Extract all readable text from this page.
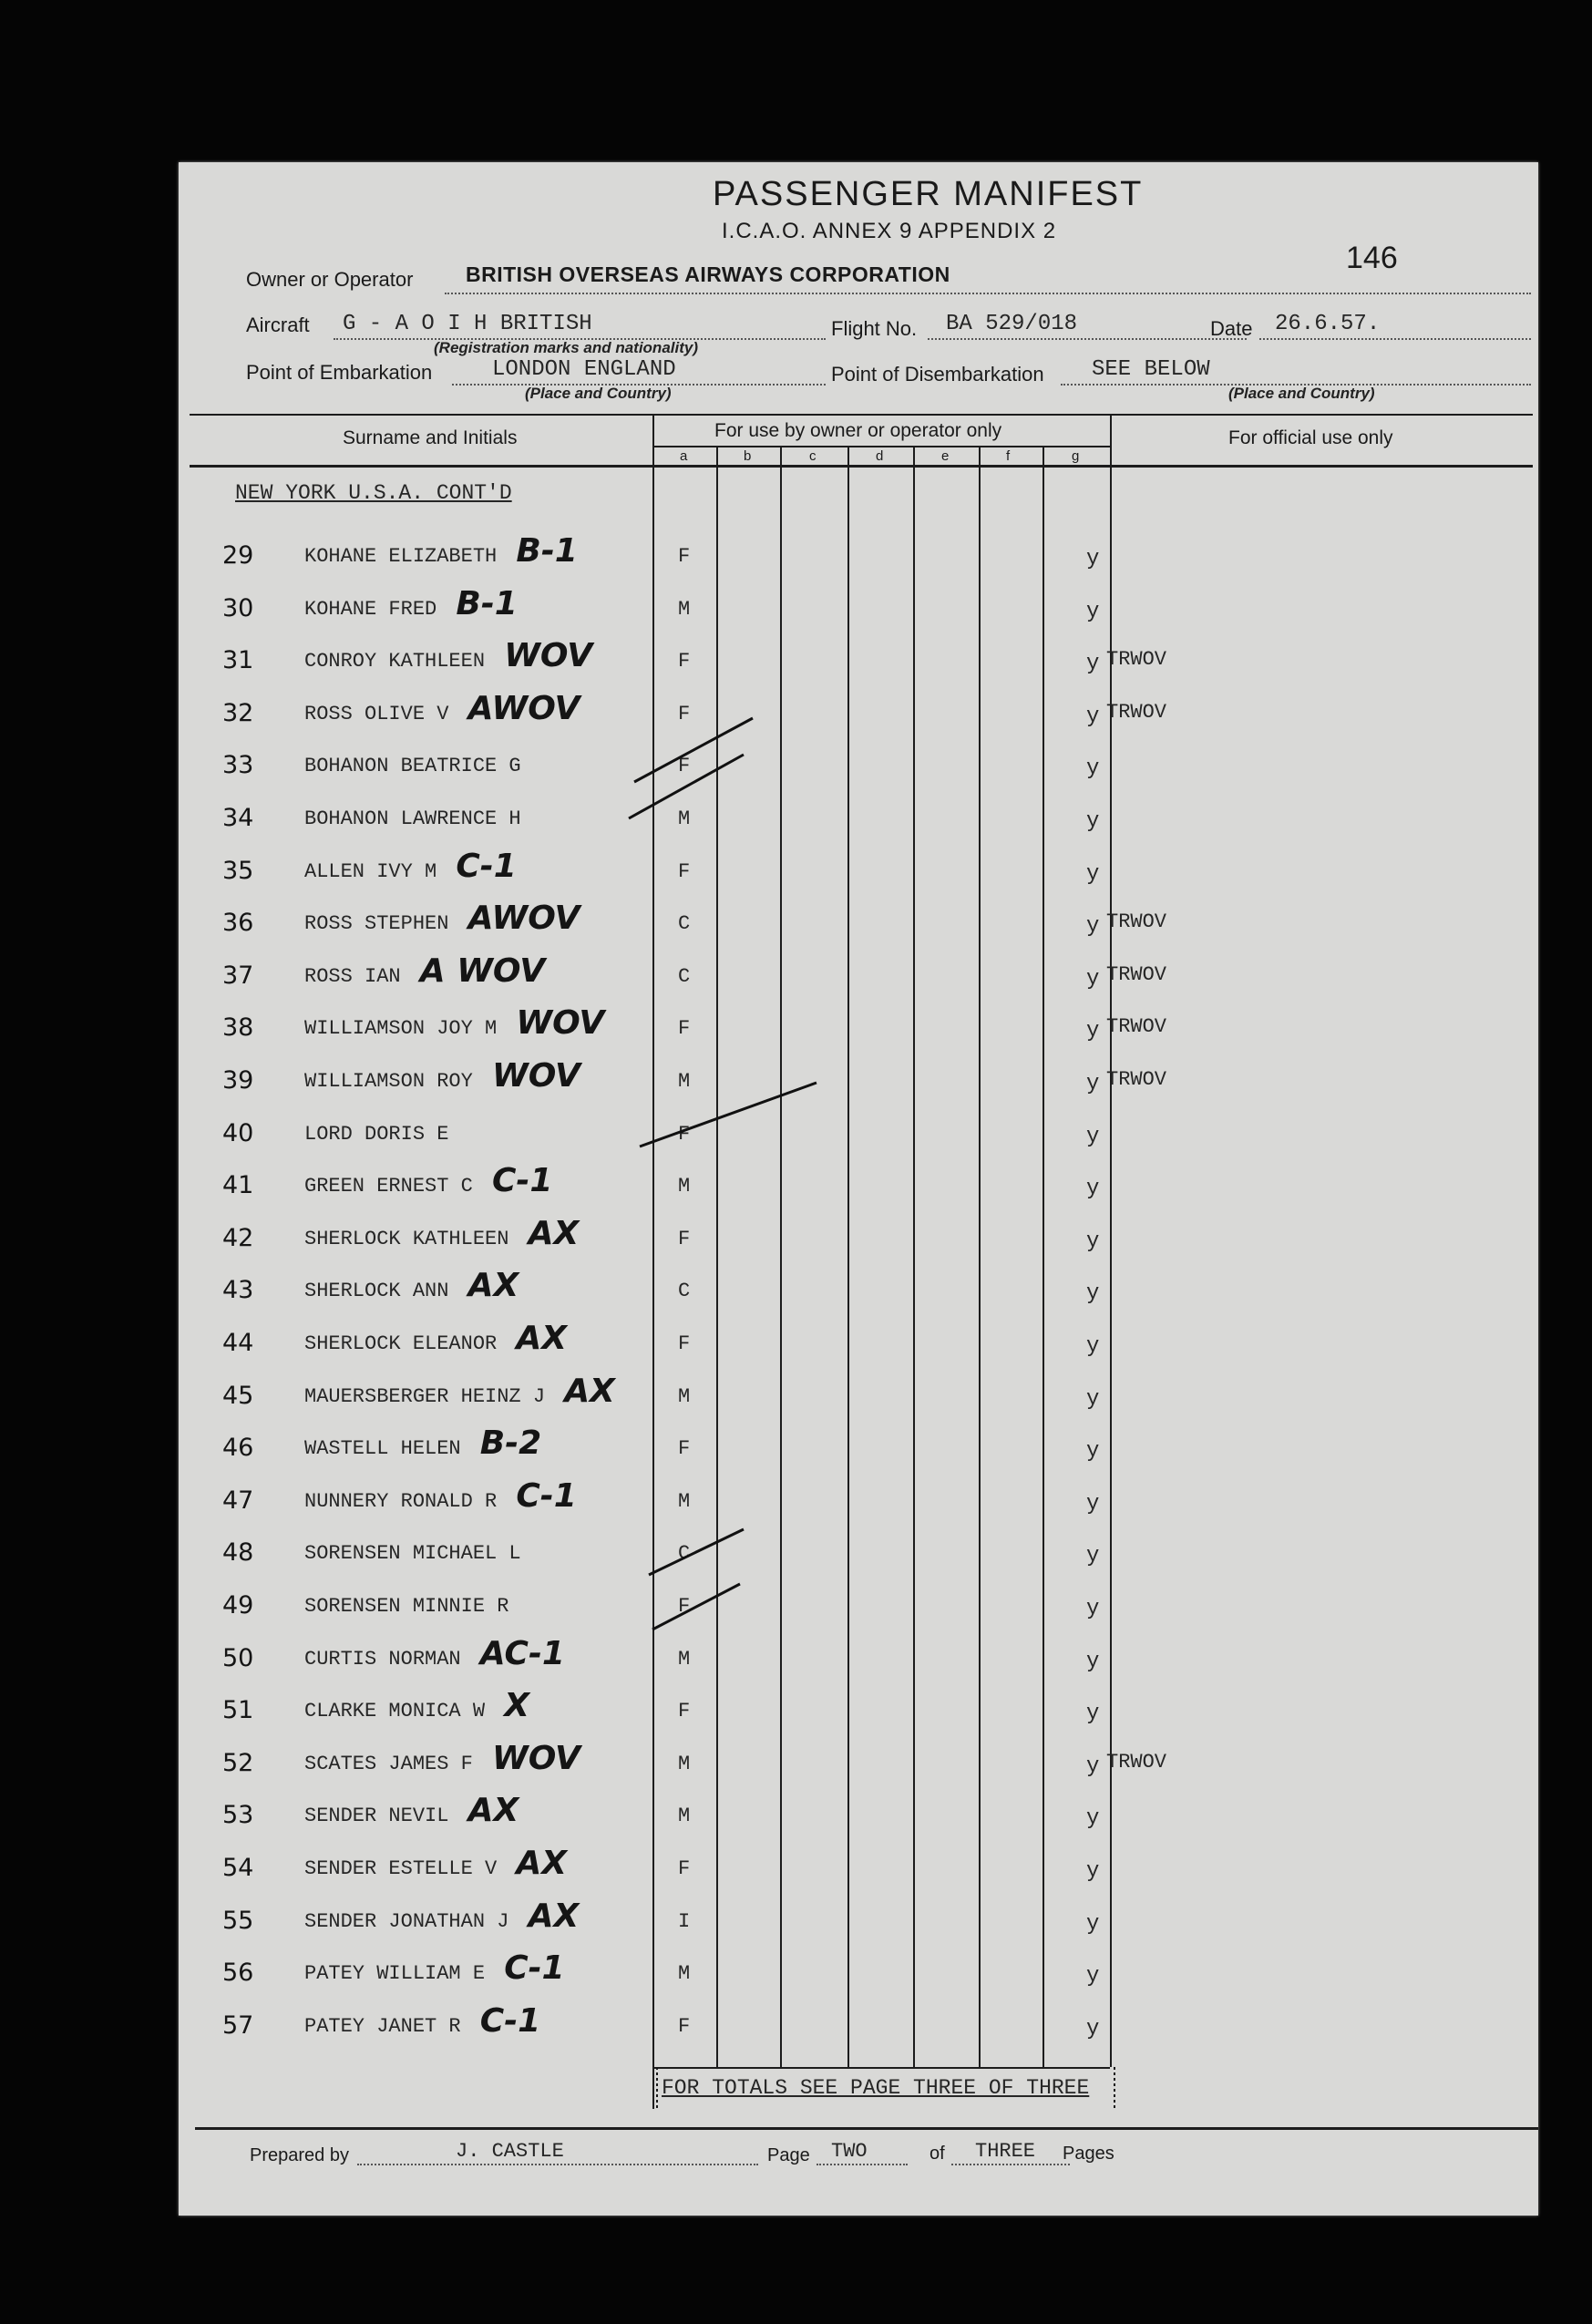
PASSENGER MANIFEST
I.C.A.O. ANNEX 9 APPENDIX 2
146
Owner or Operator	BRITISH OVERSEAS AIRWAYS CORPORATION
Aircraft G - A O I H BRITISH
(Registration marks and nationality)
Flight No. BA 529/018	Date 26.6.57.
Point of Embarkation	LONDON ENGLAND
(Place and Country)
Point of Disembarkation SEE BELOW
(Place and Country)
Surname and Initials	For use by owner or operator only	For official use only
a	b	c	d	e	f	g
NEW YORK U.S.A. CONT'D
29	KOHANE ELIZABETH B-1	F	y
30	KOHANE FRED B-1	M	y
31	CONROY KATHLEEN WOV	F	y TRWOV
32	ROSS OLIVE V AWOV	F	y TRWOV
33	BOHANON BEATRICE G	F	y
34	BOHANON LAWRENCE H	M	y
35	ALLEN IVY M C-1	F	y
36	ROSS STEPHEN AWOV	C	y TRWOV
37	ROSS IAN A WOV	C	y TRWOV
38	WILLIAMSON JOY M WOV	F	y TRWOV
39	WILLIAMSON ROY WOV	M	y TRWOV
40	LORD DORIS E	F	y
41	GREEN ERNEST C C-1	M	y
42	SHERLOCK KATHLEEN AX	F	y
43	SHERLOCK ANN AX	C	y
44	SHERLOCK ELEANOR AX	F	y
45	MAUERSBERGER HEINZ J AX	M	y
46	WASTELL HELEN B-2	F	y
47	NUNNERY RONALD R C-1	M	y
48	SORENSEN MICHAEL L	C	y
49	SORENSEN MINNIE R	F	y
50	CURTIS NORMAN AC-1	M	y
51	CLARKE MONICA W X	F	y
52	SCATES JAMES F WOV	M	y TRWOV
53	SENDER NEVIL AX	M	y
54	SENDER ESTELLE V AX	F	y
55	SENDER JONATHAN J AX	I	y
56	PATEY WILLIAM E C-1	M	y
57	PATEY JANET R C-1	F	y
FOR TOTALS SEE PAGE THREE OF THREE
Prepared by	J. CASTLE	Page TWO	of THREE Pages
